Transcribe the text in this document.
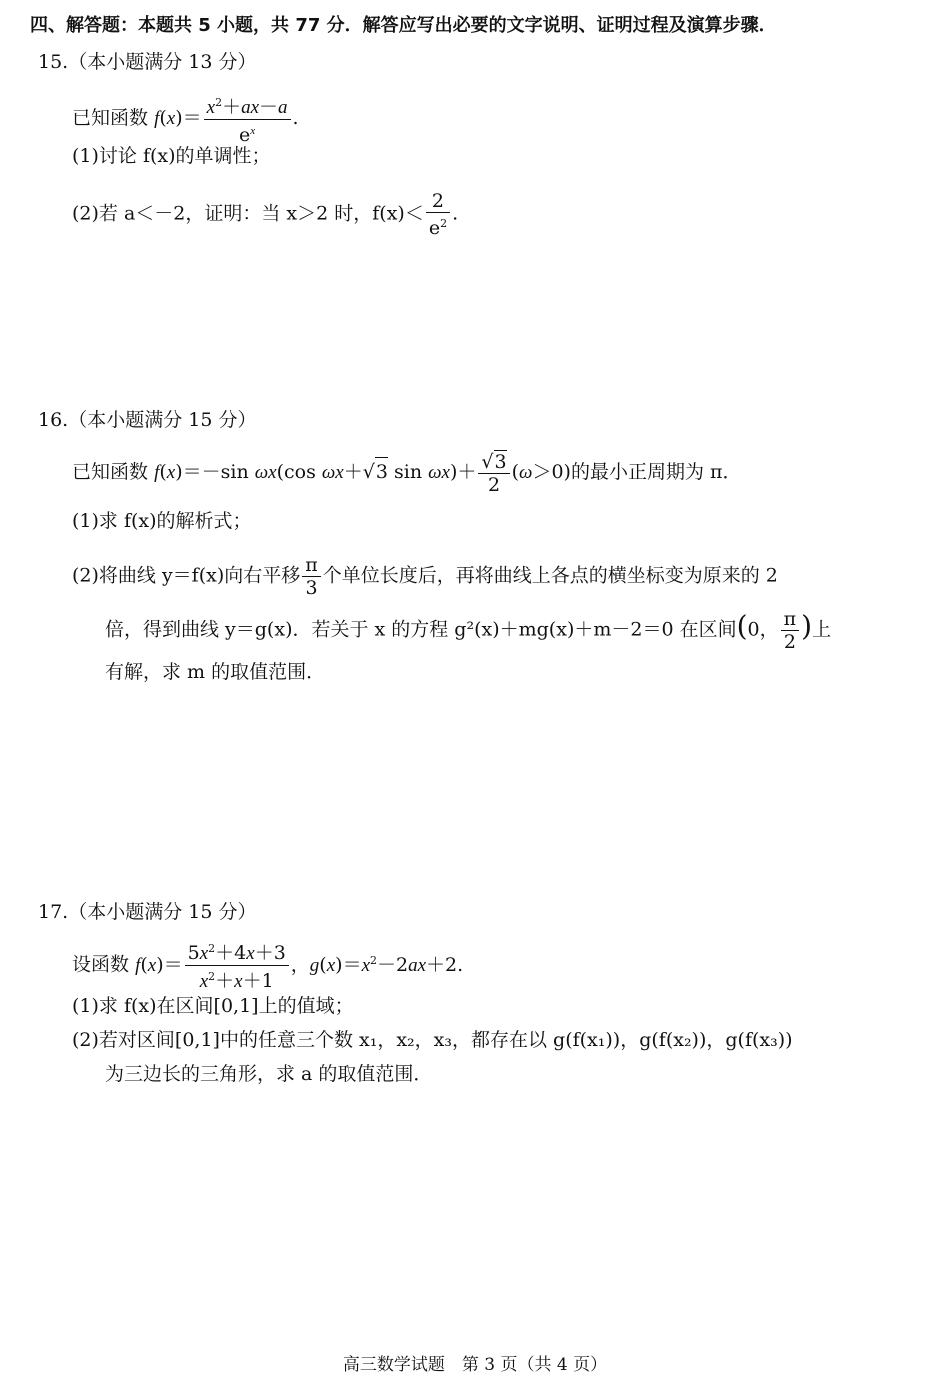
四、解答题：本题共 5 小题，共 77 分．解答应写出必要的文字说明、证明过程及演算步骤．
15.（本小题满分 13 分）
已知函数 $f(x)= \frac{x^2+ax-a}{e^x}$ .
(1)讨论 f(x)的单调性；
(2)若 a＜－2，证明：当 x＞2 时，$f(x)< \frac{2}{e^2}$ .
16.（本小题满分 15 分）
已知函数 f(x)＝－sin ωx(cos ωx＋√3 $\sin \omega x)+ \frac{√3}{2} (\omega>0)$的最小正周期为 π．
(1)求 f(x)的解析式；
(2)将曲线 y＝f(x)向右平移 $\frac{\pi}{3}$ 个单位长度后，再将曲线上各点的横坐标变为原来的 2
倍，得到曲线 y＝g(x)．若关于 x 的方程 g²(x)＋mg(x)＋m－2＝0 在区间(0， $\frac{\pi}{2}$ )上
有解，求 m 的取值范围．
17.（本小题满分 15 分）
设函数 $f(x)= \frac{5x^2+4x+3}{x^2+x+1}$ ，$g(x)=x^2-2ax+2$.
(1)求 f(x)在区间[0,1]上的值域；
(2)若对区间[0,1]中的任意三个数 x₁，x₂，x₃，都存在以 g(f(x₁))，g(f(x₂))，g(f(x₃))
为三边长的三角形，求 a 的取值范围．
高三数学试题　第 3 页（共 4 页）
